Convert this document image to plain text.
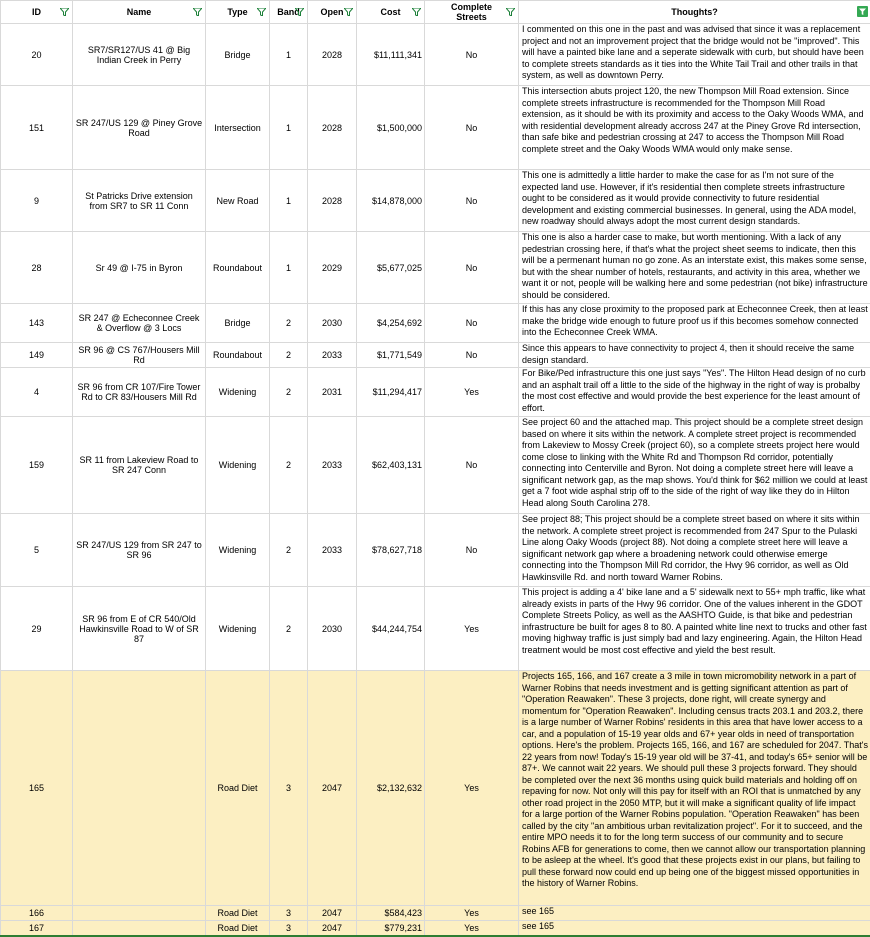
ID	Name	Type	Band	Open	Cost	Complete Streets	Thoughts?

20	SR7/SR127/US 41 @ Big Indian Creek in Perry	Bridge	1	2028	$11,111,341	No	I commented on this one in the past and was advised that since it was a replacement project and not an improvement project that the bridge would not be "improved". This will have a painted bike lane and a seperate sidewalk with curb, but should have been to complete streets standards as it ties into the White Tail Trail and other trails in that system, as well as downtown Perry.
151	SR 247/US 129 @ Piney Grove Road	Intersection	1	2028	$1,500,000	No	This intersection abuts project 120, the new Thompson Mill Road extension. Since complete streets infrastructure is recommended for the Thompson Mill Road extension, as it should be with its proximity and access to the Oaky Woods WMA, and with residential development already accross 247 at the Piney Grove Rd intersection, than safe bike and pedestrian crossing at 247 to access the Thompson Mill Road complete street and the Oaky Woods WMA would only make sense.
9	St Patricks Drive extension from SR7 to SR 11 Conn	New Road	1	2028	$14,878,000	No	This one is admittedly a little harder to make the case for as I'm not sure of the expected land use. However, if it's residential then complete streets infrastructure ought to be considered as it would provide connectivity to future residential development and existing commercial businesses. In general, using the ADA model, new roadway should always adopt the most current design standards.
28	Sr 49 @ I-75 in Byron	Roundabout	1	2029	$5,677,025	No	This one is also a harder case to make, but worth mentioning. With a lack of any pedestrian crossing here, if that's what the project sheet seems to indicate, then this will be a permenant human no go zone. As an interstate exist, this makes some sense, but with the shear number of hotels, restaurants, and activity in this area, whether we want it or not, people will be walking here and some pedestrian (not bike) infrastructure should be considered.
143	SR 247 @ Echeconnee Creek & Overflow @ 3 Locs	Bridge	2	2030	$4,254,692	No	If this has any close proximity to the proposed park at Echeconnee Creek, then at least make the bridge wide enough to future proof us if this becomes somehow connected into the Echeconnee Creek WMA.
149	SR 96 @ CS 767/Housers Mill Rd	Roundabout	2	2033	$1,771,549	No	Since this appears to have connectivity to project 4, then it should receive the same design standard.
4	SR 96 from CR 107/Fire Tower Rd to CR 83/Housers Mill Rd	Widening	2	2031	$11,294,417	Yes	For Bike/Ped infrastructure this one just says "Yes". The Hilton Head design of no curb and an asphalt trail off a little to the side of the highway in the right of way is probalby the most cost effective and would provide the best experience for the least amount of effort.
159	SR 11 from Lakeview Road to SR 247 Conn	Widening	2	2033	$62,403,131	No	See project 60 and the attached map. This project should be a complete street design based on where it sits within the network. A complete street project is recommended from Lakeview to Mossy Creek (project 60), so a complete streets project here would come close to linking with the White Rd and Thompson Rd corridor, potentially connecting into Centerville and Byron. Not doing a complete street here will leave a significant network gap, as the map shows. You'd think for $62 million we could at least get a 7 foot wide asphal strip off to the side of the right of way like they do in Hilton Head along South Carolina 278.
5	SR 247/US 129 from SR 247 to SR 96	Widening	2	2033	$78,627,718	No	See project 88; This project should be a complete street based on where it sits within the network. A complete street project is recommended from 247 Spur to the Pulaski Line along Oaky Woods (project 88). Not doing a complete street here will leave a significant network gap where a broadening network could otherwise emerge connecting into the Thompson Mill Rd corridor, the Hwy 96 corridor, as well as Old Hawkinsville Rd. and north toward Warner Robins.
29	SR 96 from E of CR 540/Old Hawkinsville Road to W of SR 87	Widening	2	2030	$44,244,754	Yes	This project is adding a 4' bike lane and a 5' sidewalk next to 55+ mph traffic, like what already exists in parts of the Hwy 96 corridor. One of the values inherent in the GDOT Complete Streets Policy, as well as the AASHTO Guide, is that bike and pedestrian infrastructure be built for ages 8 to 80. A painted white line next to trucks and other fast moving highway traffic is just simply bad and lazy engineering. Again, the Hilton Head treatment would be most cost effective and yield the best result.
165		Road Diet	3	2047	$2,132,632	Yes	Projects 165, 166, and 167 create a 3 mile in town micromobility network in a part of Warner Robins that needs investment and is getting significant attention as part of "Operation Reawaken". These 3 projects, done right, will create synergy and momentum for "Operation Reawaken". Including census tracts 203.1 and 203.2, there is a large number of Warner Robins' residents in this area that have lower access to a car, and a population of 15-19 year olds and 67+ year olds in need of transportation options. Here's the problem. Projects 165, 166, and 167 are scheduled for 2047. That's 22 years from now! Today's 15-19 year old will be 37-41, and today's 65+ senior will be 87+. We cannot wait 22 years. We should pull these 3 projects forward. They should be completed over the next 36 months using quick build materials and holding off on repaving for now. Not only will this pay for itself with an ROI that is unmatched by any other road project in the 2050 MTP, but it will make a significant quality of life impact for a large portion of the Warner Robins population. "Operation Reawaken" has been called by the city "an ambitious urban revitalization project". For it to succeed, and the entire MPO needs it to for the long term success of our community and to secure Robins AFB for generations to come, then we cannot allow our transportation planning to be asleep at the wheel. It's good that these projects exist in our plans, but failing to pull these forward now could end up being one of the biggest missed opportunities in the history of Warner Robins.
166		Road Diet	3	2047	$584,423	Yes	see 165
167		Road Diet	3	2047	$779,231	Yes	see 165
